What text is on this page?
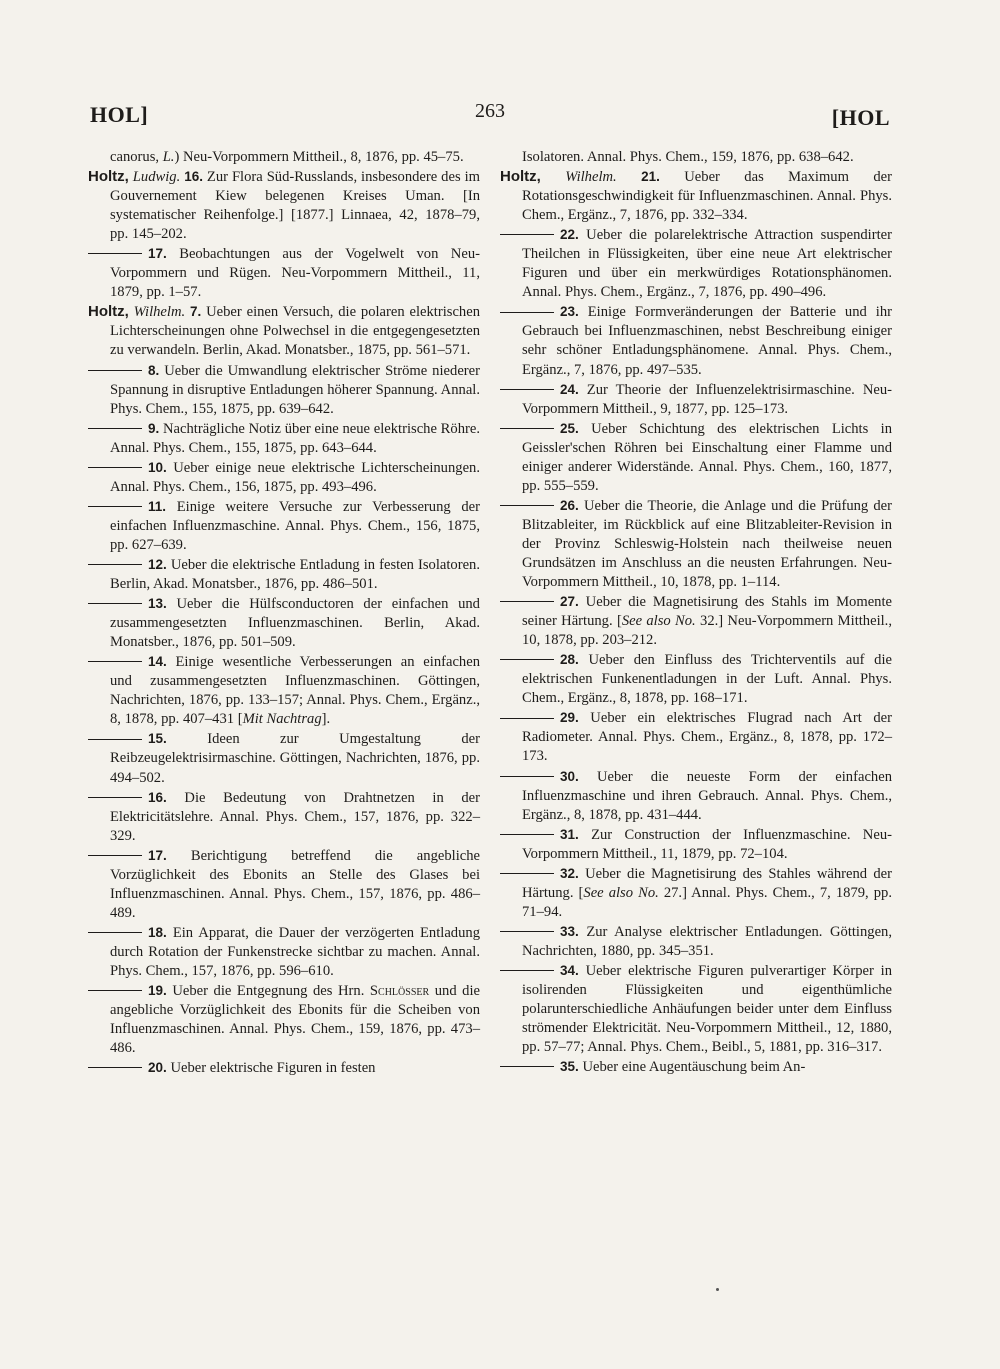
HOL]	263	[HOL

canorus, L.) Neu-Vorpommern Mittheil., 8, 1876, pp. 45–75.

Holtz, Ludwig. 16. Zur Flora Süd-Russlands, insbesondere des im Gouvernement Kiew belegenen Kreises Uman. [In systematischer Reihenfolge.] [1877.] Linnaea, 42, 1878–79, pp. 145–202.

17. Beobachtungen aus der Vogelwelt von Neu-Vorpommern und Rügen. Neu-Vorpommern Mittheil., 11, 1879, pp. 1–57.

Holtz, Wilhelm. 7. Ueber einen Versuch, die polaren elektrischen Lichterscheinungen ohne Polwechsel in die entgegengesetzten zu verwandeln. Berlin, Akad. Monatsber., 1875, pp. 561–571.

8. Ueber die Umwandlung elektrischer Ströme niederer Spannung in disruptive Entladungen höherer Spannung. Annal. Phys. Chem., 155, 1875, pp. 639–642.

9. Nachträgliche Notiz über eine neue elektrische Röhre. Annal. Phys. Chem., 155, 1875, pp. 643–644.

10. Ueber einige neue elektrische Lichterscheinungen. Annal. Phys. Chem., 156, 1875, pp. 493–496.

11. Einige weitere Versuche zur Verbesserung der einfachen Influenzmaschine. Annal. Phys. Chem., 156, 1875, pp. 627–639.

12. Ueber die elektrische Entladung in festen Isolatoren. Berlin, Akad. Monatsber., 1876, pp. 486–501.

13. Ueber die Hülfsconductoren der einfachen und zusammengesetzten Influenzmaschinen. Berlin, Akad. Monatsber., 1876, pp. 501–509.

14. Einige wesentliche Verbesserungen an einfachen und zusammengesetzten Influenzmaschinen. Göttingen, Nachrichten, 1876, pp. 133–157; Annal. Phys. Chem., Ergänz., 8, 1878, pp. 407–431 [Mit Nachtrag].

15.	Ideen zur Umgestaltung der Reibzeugelektrisirmaschine. Göttingen, Nachrichten, 1876, pp. 494–502.

16. Die Bedeutung von Drahtnetzen in der Elektricitätslehre. Annal. Phys. Chem., 157, 1876, pp. 322–329.

17. Berichtigung betreffend die angebliche Vorzüglichkeit des Ebonits an Stelle des Glases bei Influenzmaschinen. Annal. Phys. Chem., 157, 1876, pp. 486–489.

18. Ein Apparat, die Dauer der verzögerten Entladung durch Rotation der Funkenstrecke sichtbar zu machen. Annal. Phys. Chem., 157, 1876, pp. 596–610.

19. Ueber die Entgegnung des Hrn. Schlösser und die angebliche Vorzüglichkeit des Ebonits für die Scheiben von Influenzmaschinen. Annal. Phys. Chem., 159, 1876, pp. 473–486.

20. Ueber elektrische Figuren in festen

Isolatoren. Annal. Phys. Chem., 159, 1876, pp. 638–642.

Holtz, Wilhelm. 21. Ueber das Maximum der Rotationsgeschwindigkeit für Influenzmaschinen. Annal. Phys. Chem., Ergänz., 7, 1876, pp. 332–334.

22. Ueber die polarelektrische Attraction suspendirter Theilchen in Flüssigkeiten, über eine neue Art elektrischer Figuren und über ein merkwürdiges Rotationsphänomen. Annal. Phys. Chem., Ergänz., 7, 1876, pp. 490–496.

23. Einige Formveränderungen der Batterie und ihr Gebrauch bei Influenzmaschinen, nebst Beschreibung einiger sehr schöner Entladungsphänomene. Annal. Phys. Chem., Ergänz., 7, 1876, pp. 497–535.

24. Zur Theorie der Influenzelektrisirmaschine. Neu-Vorpommern Mittheil., 9, 1877, pp. 125–173.

25. Ueber Schichtung des elektrischen Lichts in Geissler'schen Röhren bei Einschaltung einer Flamme und einiger anderer Widerstände. Annal. Phys. Chem., 160, 1877, pp. 555–559.

26. Ueber die Theorie, die Anlage und die Prüfung der Blitzableiter, im Rückblick auf eine Blitzableiter-Revision in der Provinz Schleswig-Holstein nach theilweise neuen Grundsätzen im Anschluss an die neusten Erfahrungen. Neu-Vorpommern Mittheil., 10, 1878, pp. 1–114.

27. Ueber die Magnetisirung des Stahls im Momente seiner Härtung. [See also No. 32.] Neu-Vorpommern Mittheil., 10, 1878, pp. 203–212.

28. Ueber den Einfluss des Trichterventils auf die elektrischen Funkenentladungen in der Luft. Annal. Phys. Chem., Ergänz., 8, 1878, pp. 168–171.

29. Ueber ein elektrisches Flugrad nach Art der Radiometer. Annal. Phys. Chem., Ergänz., 8, 1878, pp. 172–173.

30. Ueber die neueste Form der einfachen Influenzmaschine und ihren Gebrauch. Annal. Phys. Chem., Ergänz., 8, 1878, pp. 431–444.

31. Zur Construction der Influenzmaschine. Neu-Vorpommern Mittheil., 11, 1879, pp. 72–104.

32. Ueber die Magnetisirung des Stahles während der Härtung. [See also No. 27.] Annal. Phys. Chem., 7, 1879, pp. 71–94.

33. Zur Analyse elektrischer Entladungen. Göttingen, Nachrichten, 1880, pp. 345–351.

34. Ueber elektrische Figuren pulverartiger Körper in isolirenden Flüssigkeiten und eigenthümliche polarunterschiedliche Anhäufungen beider unter dem Einfluss strömender Elektricität. Neu-Vorpommern Mittheil., 12, 1880, pp. 57–77; Annal. Phys. Chem., Beibl., 5, 1881, pp. 316–317.

35. Ueber eine Augentäuschung beim An-
